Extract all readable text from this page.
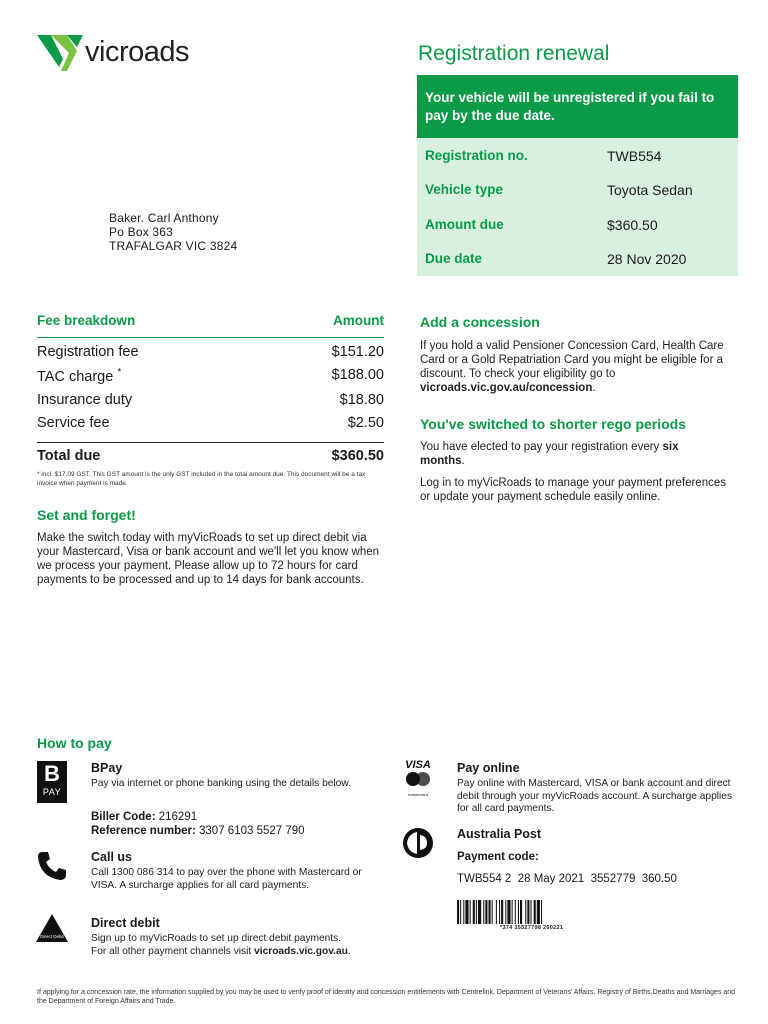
vicroads	Registration renewal
Your vehicle will be unregistered if you fail to pay by the due date.
Registration no.	TWB554
Vehicle type	Toyota Sedan
Amount due	$360.50
Due date	28 Nov 2020
Baker. Carl Anthony
Po Box 363
TRAFALGAR VIC 3824
Fee breakdown	Amount
Registration fee	$151.20
TAC charge *	$188.00
Insurance duty	$18.80
Service fee	$2.50
Total due	$360.50
* incl. $17.09 GST. This GST amount is the only GST included in the total amount due. This document will be a tax invoice when payment is made.
Set and forget!
Make the switch today with myVicRoads to set up direct debit via your Mastercard, Visa or bank account and we'll let you know when we process your payment. Please allow up to 72 hours for card payments to be processed and up to 14 days for bank accounts.
Add a concession
If you hold a valid Pensioner Concession Card, Health Care Card or a Gold Repatriation Card you might be eligible for a discount. To check your eligibility go to vicroads.vic.gov.au/concession.
You've switched to shorter rego periods
You have elected to pay your registration every six months.
Log in to myVicRoads to manage your payment preferences or update your payment schedule easily online.
How to pay
B
PAY
BPay
Pay via internet or phone banking using the details below.
Biller Code: 216291
Reference number: 3307 6103 5527 790
Call us
Call 1300 086 314 to pay over the phone with Mastercard or VISA. A surcharge applies for all card payments.
Direct Debit
Direct debit
Sign up to myVicRoads to set up direct debit payments. For all other payment channels visit vicroads.vic.gov.au.
VISA
mastercard
Pay online
Pay online with Mastercard, VISA or bank account and direct debit through your myVicRoads account. A surcharge applies for all card payments.
Australia Post
Payment code:
TWB554 2  28 May 2021  3552779  360.50
*374 35527798 260221
If applying for a concession rate, the information supplied by you may be used to verify proof of identity and concession entitlements with Centrelink, Department of Veterans' Affairs, Registry of Births,Deaths and Marriages and the Department of Foreign Affairs and Trade.
